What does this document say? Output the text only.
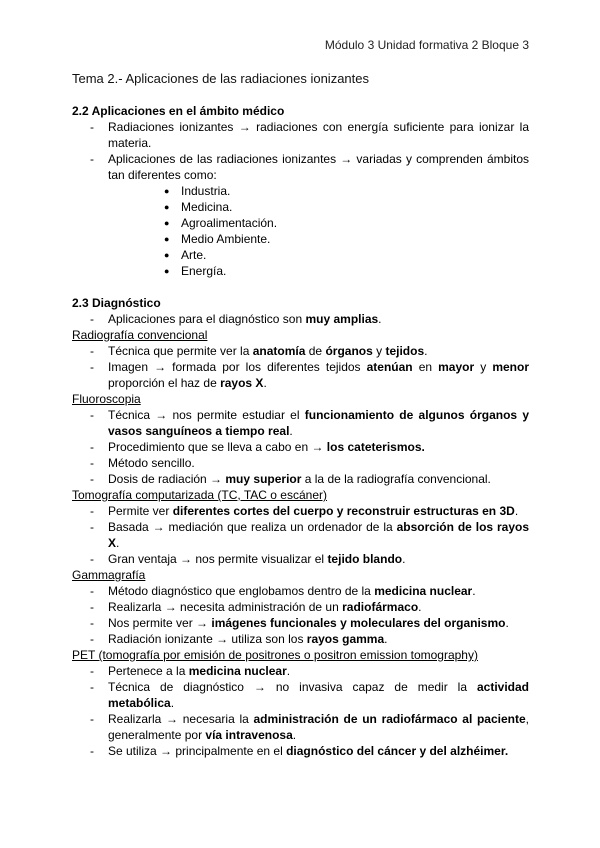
Módulo 3 Unidad formativa 2 Bloque 3
Tema 2.- Aplicaciones de las radiaciones ionizantes
2.2 Aplicaciones en el ámbito médico
- Radiaciones ionizantes → radiaciones con energía suficiente para ionizar la materia.
- Aplicaciones de las radiaciones ionizantes → variadas y comprenden ámbitos tan diferentes como:
● Industria.
● Medicina.
● Agroalimentación.
● Medio Ambiente.
● Arte.
● Energía.
2.3 Diagnóstico
- Aplicaciones para el diagnóstico son muy amplias.
Radiografía convencional
- Técnica que permite ver la anatomía de órganos y tejidos.
- Imagen → formada por los diferentes tejidos atenúan en mayor y menor proporción el haz de rayos X.
Fluoroscopia
- Técnica → nos permite estudiar el funcionamiento de algunos órganos y vasos sanguíneos a tiempo real.
- Procedimiento que se lleva a cabo en → los cateterismos.
- Método sencillo.
- Dosis de radiación → muy superior a la de la radiografía convencional.
Tomografía computarizada (TC, TAC o escáner)
- Permite ver diferentes cortes del cuerpo y reconstruir estructuras en 3D.
- Basada → mediación que realiza un ordenador de la absorción de los rayos X.
- Gran ventaja → nos permite visualizar el tejido blando.
Gammagrafía
- Método diagnóstico que englobamos dentro de la medicina nuclear.
- Realizarla → necesita administración de un radiofármaco.
- Nos permite ver → imágenes funcionales y moleculares del organismo.
- Radiación ionizante → utiliza son los rayos gamma.
PET (tomografía por emisión de positrones o positron emission tomography)
- Pertenece a la medicina nuclear.
- Técnica de diagnóstico → no invasiva capaz de medir la actividad metabólica.
- Realizarla → necesaria la administración de un radiofármaco al paciente, generalmente por vía intravenosa.
- Se utiliza → principalmente en el diagnóstico del cáncer y del alzhéimer.
